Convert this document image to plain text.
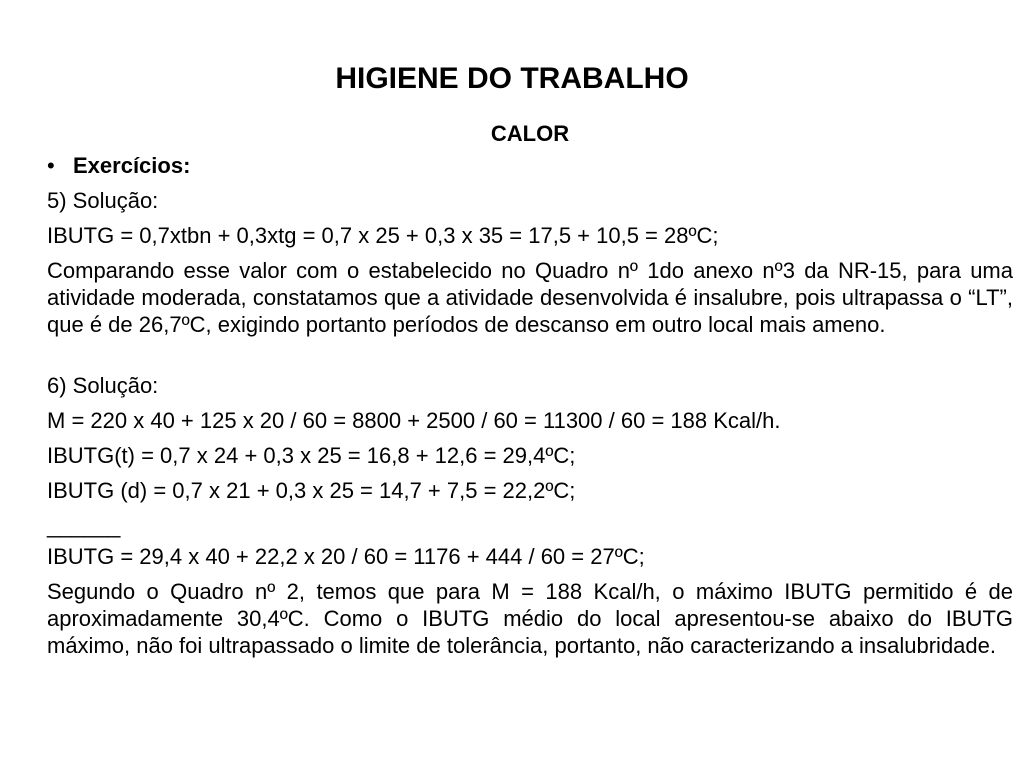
HIGIENE DO TRABALHO
CALOR

• Exercícios:

5) Solução:

IBUTG = 0,7xtbn + 0,3xtg = 0,7 x 25 + 0,3 x 35 = 17,5 + 10,5 = 28ºC;

Comparando esse valor com o estabelecido no Quadro nº 1do anexo nº3 da NR-15, para uma atividade moderada, constatamos que a atividade desenvolvida é insalubre, pois ultrapassa o “LT”, que é de 26,7ºC, exigindo portanto períodos de descanso em outro local mais ameno.

6) Solução:

M = 220 x 40 + 125 x 20 / 60 = 8800 + 2500 / 60 = 11300 / 60 = 188 Kcal/h.

IBUTG(t) = 0,7 x 24 + 0,3 x 25 = 16,8 + 12,6 = 29,4ºC;

IBUTG (d) = 0,7 x 21 + 0,3 x 25 = 14,7 + 7,5 = 22,2ºC;

______

IBUTG = 29,4 x 40 + 22,2 x 20 / 60 = 1176 + 444 / 60 = 27ºC;

Segundo o Quadro nº 2, temos que para M = 188 Kcal/h, o máximo IBUTG permitido é de aproximadamente 30,4ºC. Como o IBUTG médio do local apresentou-se abaixo do IBUTG máximo, não foi ultrapassado o limite de tolerância, portanto, não caracterizando a insalubridade.
